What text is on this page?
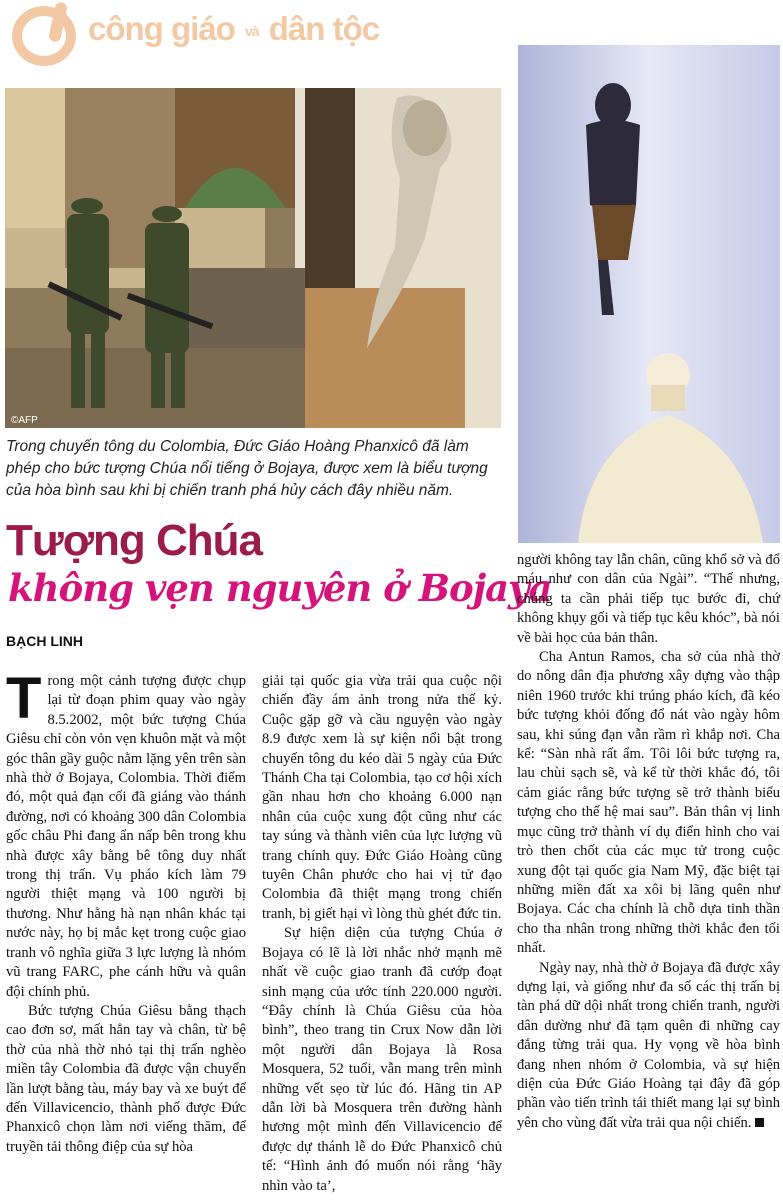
công giáo và dân tộc
©AFP
Trong chuyến tông du Colombia, Đức Giáo Hoàng Phanxicô đã làm phép cho bức tượng Chúa nổi tiếng ở Bojaya, được xem là biểu tượng của hòa bình sau khi bị chiến tranh phá hủy cách đây nhiều năm.
Tượng Chúa
không vẹn nguyên ở Bojaya
BẠCH LINH

Trong một cảnh tượng được chụp lại từ đoạn phim quay vào ngày 8.5.2002, một bức tượng Chúa Giêsu chỉ còn vỏn vẹn khuôn mặt và một góc thân gầy guộc nằm lặng yên trên sàn nhà thờ ở Bojaya, Colombia. Thời điểm đó, một quả đạn cối đã giáng vào thánh đường, nơi có khoảng 300 dân Colombia gốc châu Phi đang ẩn nấp bên trong khu nhà được xây bằng bê tông duy nhất trong thị trấn. Vụ pháo kích làm 79 người thiệt mạng và 100 người bị thương. Như hằng hà nạn nhân khác tại nước này, họ bị mắc kẹt trong cuộc giao tranh vô nghĩa giữa 3 lực lượng là nhóm vũ trang FARC, phe cánh hữu và quân đội chính phủ.

Bức tượng Chúa Giêsu bằng thạch cao đơn sơ, mất hẳn tay và chân, từ bệ thờ của nhà thờ nhỏ tại thị trấn nghèo miền tây Colombia đã được vận chuyển lần lượt bằng tàu, máy bay và xe buýt để đến Villavicencio, thành phố được Đức Phanxicô chọn làm nơi viếng thăm, để truyền tải thông điệp của sự hòa

giải tại quốc gia vừa trải qua cuộc nội chiến đầy ám ảnh trong nửa thế kỷ. Cuộc gặp gỡ và cầu nguyện vào ngày 8.9 được xem là sự kiện nổi bật trong chuyến tông du kéo dài 5 ngày của Đức Thánh Cha tại Colombia, tạo cơ hội xích gần nhau hơn cho khoảng 6.000 nạn nhân của cuộc xung đột cũng như các tay súng và thành viên của lực lượng vũ trang chính quy. Đức Giáo Hoàng cũng tuyên Chân phước cho hai vị tử đạo Colombia đã thiệt mạng trong chiến tranh, bị giết hại vì lòng thù ghét đức tin.

Sự hiện diện của tượng Chúa ở Bojaya có lẽ là lời nhắc nhở mạnh mẽ nhất về cuộc giao tranh đã cướp đoạt sinh mạng của ước tính 220.000 người. “Đây chính là Chúa Giêsu của hòa bình”, theo trang tin Crux Now dẫn lời một người dân Bojaya là Rosa Mosquera, 52 tuổi, vẫn mang trên mình những vết sẹo từ lúc đó. Hãng tin AP dẫn lời bà Mosquera trên đường hành hương một mình đến Villavicencio để được dự thánh lễ do Đức Phanxicô chủ tế: “Hình ảnh đó muốn nói rằng ‘hãy nhìn vào ta’,

người không tay lẫn chân, cũng khổ sở và đổ máu như con dân của Ngài”. “Thế nhưng, chúng ta cần phải tiếp tục bước đi, chứ không khụy gối và tiếp tục kêu khóc”, bà nói về bài học của bản thân.

Cha Antun Ramos, cha sở của nhà thờ do nông dân địa phương xây dựng vào thập niên 1960 trước khi trúng pháo kích, đã kéo bức tượng khỏi đống đổ nát vào ngày hôm sau, khi súng đạn vẫn rầm rì khắp nơi. Cha kể: “Sàn nhà rất ẩm. Tôi lôi bức tượng ra, lau chùi sạch sẽ, và kể từ thời khắc đó, tôi cảm giác rằng bức tượng sẽ trở thành biểu tượng cho thế hệ mai sau”. Bản thân vị linh mục cũng trở thành ví dụ điển hình cho vai trò then chốt của các mục tử trong cuộc xung đột tại quốc gia Nam Mỹ, đặc biệt tại những miền đất xa xôi bị lãng quên như Bojaya. Các cha chính là chỗ dựa tinh thần cho tha nhân trong những thời khắc đen tối nhất.

Ngày nay, nhà thờ ở Bojaya đã được xây dựng lại, và giống như đa số các thị trấn bị tàn phá dữ dội nhất trong chiến tranh, người dân dường như đã tạm quên đi những cay đắng từng trải qua. Hy vọng về hòa bình đang nhen nhóm ở Colombia, và sự hiện diện của Đức Giáo Hoàng tại đây đã góp phần vào tiến trình tái thiết mang lại sự bình yên cho vùng đất vừa trải qua nội chiến.
